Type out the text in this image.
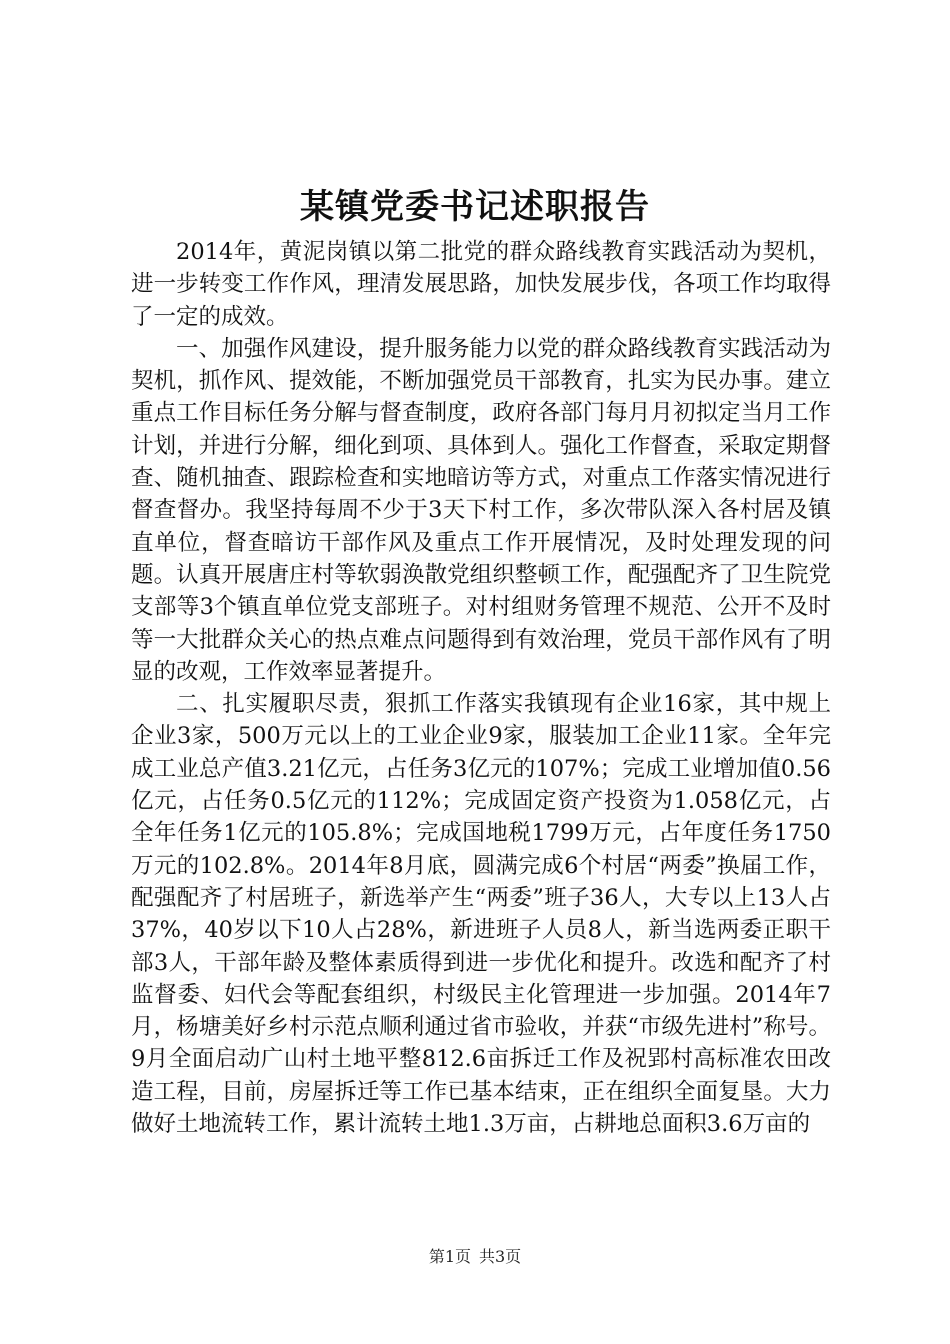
某镇党委书记述职报告

2014年，黄泥岗镇以第二批党的群众路线教育实践活动为契机，进一步转变工作作风，理清发展思路，加快发展步伐，各项工作均取得了一定的成效。

一、加强作风建设，提升服务能力以党的群众路线教育实践活动为契机，抓作风、提效能，不断加强党员干部教育，扎实为民办事。建立重点工作目标任务分解与督查制度，政府各部门每月月初拟定当月工作计划，并进行分解，细化到项、具体到人。强化工作督查，采取定期督查、随机抽查、跟踪检查和实地暗访等方式，对重点工作落实情况进行督查督办。我坚持每周不少于3天下村工作，多次带队深入各村居及镇直单位，督查暗访干部作风及重点工作开展情况，及时处理发现的问题。认真开展唐庄村等软弱涣散党组织整顿工作，配强配齐了卫生院党支部等3个镇直单位党支部班子。对村组财务管理不规范、公开不及时等一大批群众关心的热点难点问题得到有效治理，党员干部作风有了明显的改观，工作效率显著提升。

二、扎实履职尽责，狠抓工作落实我镇现有企业16家，其中规上企业3家，500万元以上的工业企业9家，服装加工企业11家。全年完成工业总产值3.21亿元，占任务3亿元的107%；完成工业增加值0.56亿元，占任务0.5亿元的112%；完成固定资产投资为1.058亿元，占全年任务1亿元的105.8%；完成国地税1799万元，占年度任务1750万元的102.8%。2014年8月底，圆满完成6个村居“两委”换届工作，配强配齐了村居班子，新选举产生“两委”班子36人，大专以上13人占37%，40岁以下10人占28%，新进班子人员8人，新当选两委正职干部3人，干部年龄及整体素质得到进一步优化和提升。改选和配齐了村监督委、妇代会等配套组织，村级民主化管理进一步加强。2014年7月，杨塘美好乡村示范点顺利通过省市验收，并获“市级先进村”称号。9月全面启动广山村土地平整812.6亩拆迁工作及祝郢村高标准农田改造工程，目前，房屋拆迁等工作已基本结束，正在组织全面复垦。大力做好土地流转工作，累计流转土地1.3万亩，占耕地总面积3.6万亩的

第1页 共3页
